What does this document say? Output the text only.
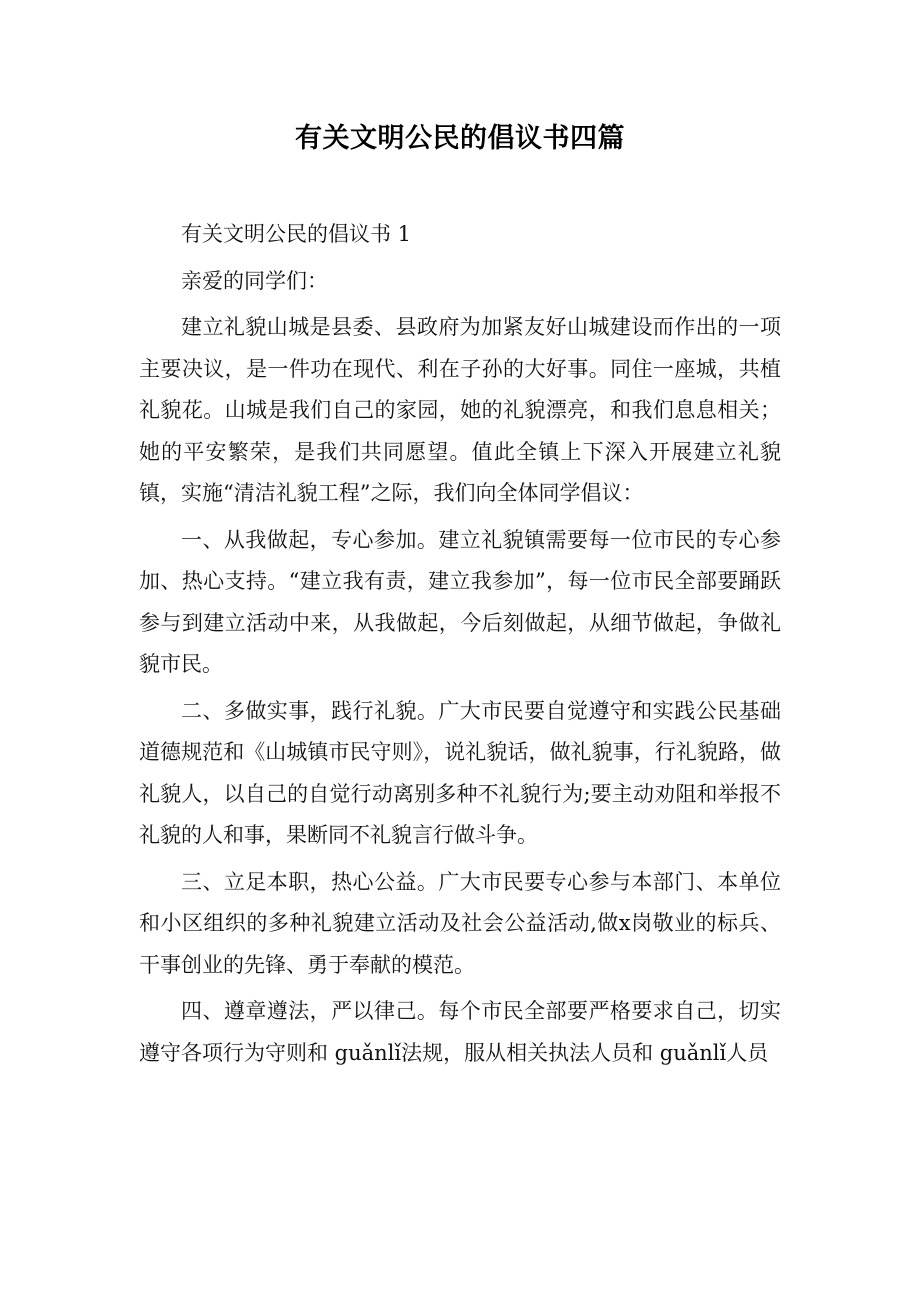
有关文明公民的倡议书四篇

有关文明公民的倡议书 1

亲爱的同学们：

建立礼貌山城是县委、县政府为加紧友好山城建设而作出的一项主要决议，是一件功在现代、利在子孙的大好事。同住一座城，共植礼貌花。山城是我们自己的家园，她的礼貌漂亮，和我们息息相关；她的平安繁荣，是我们共同愿望。值此全镇上下深入开展建立礼貌镇，实施“清洁礼貌工程”之际，我们向全体同学倡议：

一、从我做起，专心参加。建立礼貌镇需要每一位市民的专心参加、热心支持。“建立我有责，建立我参加”，每一位市民全部要踊跃参与到建立活动中来，从我做起，今后刻做起，从细节做起，争做礼貌市民。

二、多做实事，践行礼貌。广大市民要自觉遵守和实践公民基础道德规范和《山城镇市民守则》，说礼貌话，做礼貌事，行礼貌路，做礼貌人，以自己的自觉行动离别多种不礼貌行为;要主动劝阻和举报不礼貌的人和事，果断同不礼貌言行做斗争。

三、立足本职，热心公益。广大市民要专心参与本部门、本单位和小区组织的多种礼貌建立活动及社会公益活动,做x岗敬业的标兵、干事创业的先锋、勇于奉献的模范。

四、遵章遵法，严以律己。每个市民全部要严格要求自己，切实遵守各项行为守则和 guǎnlǐ法规，服从相关执法人员和 guǎnlǐ人员
